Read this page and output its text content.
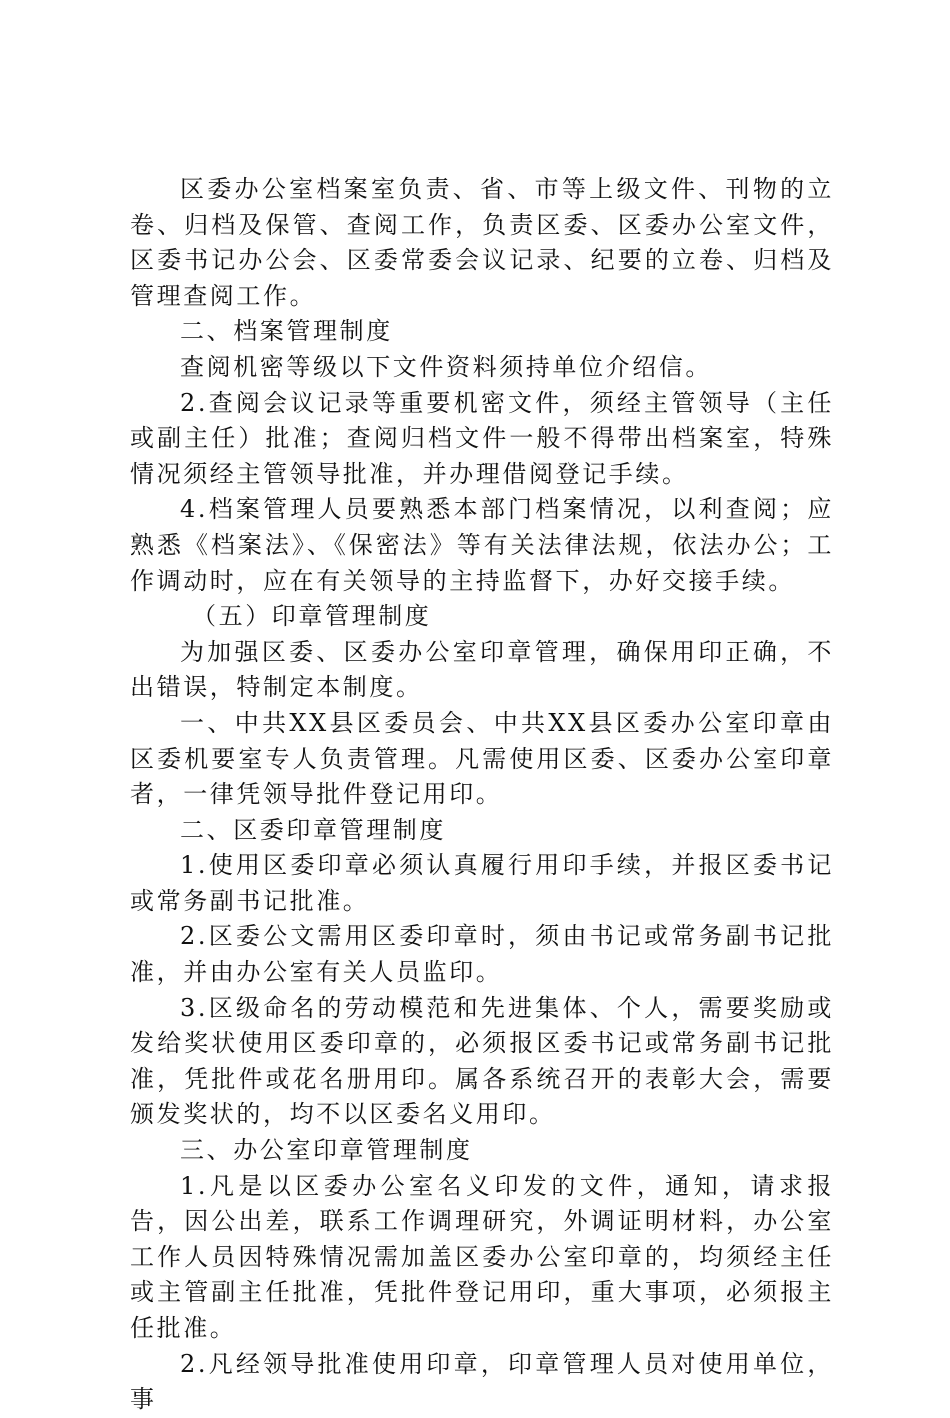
区委办公室档案室负责、省、市等上级文件、刊物的立卷、归档及保管、查阅工作，负责区委、区委办公室文件，区委书记办公会、区委常委会议记录、纪要的立卷、归档及管理查阅工作。

二、档案管理制度

查阅机密等级以下文件资料须持单位介绍信。

2.查阅会议记录等重要机密文件，须经主管领导（主任或副主任）批准；查阅归档文件一般不得带出档案室，特殊情况须经主管领导批准，并办理借阅登记手续。

4.档案管理人员要熟悉本部门档案情况，以利查阅；应熟悉《档案法》、《保密法》等有关法律法规，依法办公；工作调动时，应在有关领导的主持监督下，办好交接手续。

（五）印章管理制度

为加强区委、区委办公室印章管理，确保用印正确，不出错误，特制定本制度。

一、中共XX县区委员会、中共XX县区委办公室印章由区委机要室专人负责管理。凡需使用区委、区委办公室印章者，一律凭领导批件登记用印。

二、区委印章管理制度

1.使用区委印章必须认真履行用印手续，并报区委书记或常务副书记批准。

2.区委公文需用区委印章时，须由书记或常务副书记批准，并由办公室有关人员监印。

3.区级命名的劳动模范和先进集体、个人，需要奖励或发给奖状使用区委印章的，必须报区委书记或常务副书记批准，凭批件或花名册用印。属各系统召开的表彰大会，需要颁发奖状的，均不以区委名义用印。

三、办公室印章管理制度

1.凡是以区委办公室名义印发的文件，通知，请求报告，因公出差，联系工作调理研究，外调证明材料，办公室工作人员因特殊情况需加盖区委办公室印章的，均须经主任或主管副主任批准，凭批件登记用印，重大事项，必须报主任批准。

2.凡经领导批准使用印章，印章管理人员对使用单位，事
